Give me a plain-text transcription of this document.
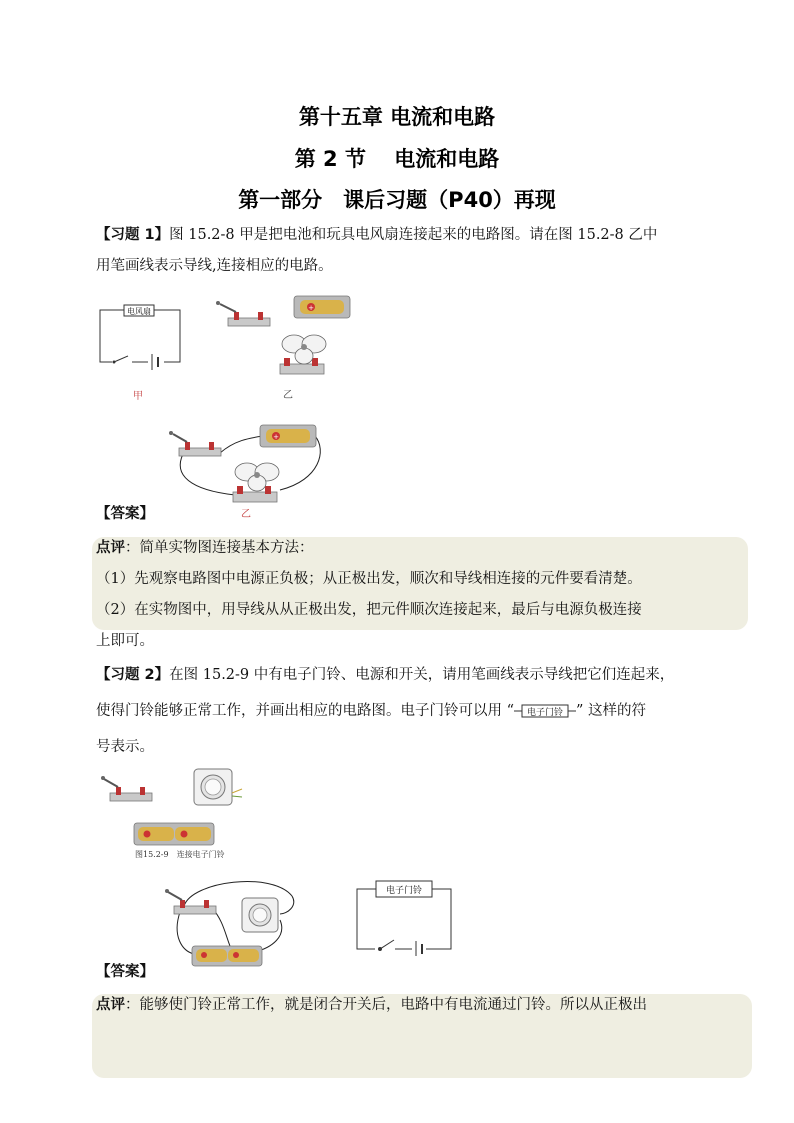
第十五章 电流和电路
第 2 节　 电流和电路
第一部分　课后习题（P40）再现
【习题 1】图 15.2-8 甲是把电池和玩具电风扇连接起来的电路图。请在图 15.2-8 乙中
用笔画线表示导线,连接相应的电路。
电风扇
甲
+
乙
+
乙
【答案】
点评：简单实物图连接基本方法：
（1）先观察电路图中电源正负极；从正极出发，顺次和导线相连接的元件要看清楚。
（2）在实物图中，用导线从从正极出发，把元件顺次连接起来，最后与电源负极连接
上即可。
【习题 2】在图 15.2-9 中有电子门铃、电源和开关，请用笔画线表示导线把它们连起来，
使得门铃能够正常工作，并画出相应的电路图。电子门铃可以用 “ 电子门铃 ” 这样的符
号表示。
图15.2-9　连接电子门铃
电子门铃
【答案】
点评：能够使门铃正常工作，就是闭合开关后，电路中有电流通过门铃。所以从正极出
